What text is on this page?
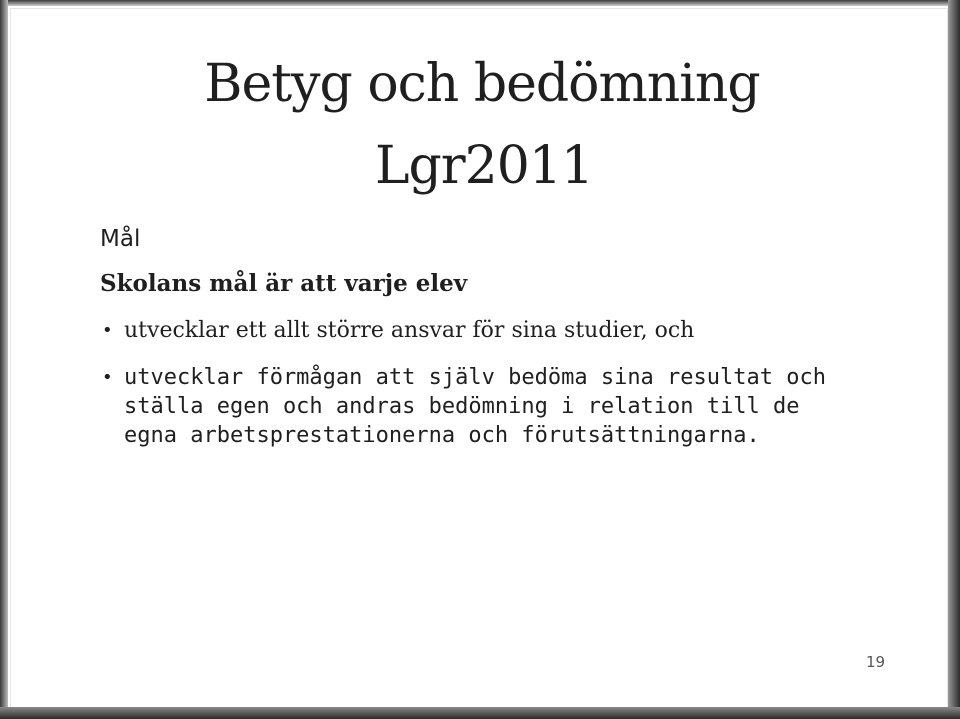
Betyg och bedömning
Lgr2011
Mål
Skolans mål är att varje elev
• utvecklar ett allt större ansvar för sina studier, och
• utvecklar förmågan att själv bedöma sina resultat och ställa egen och andras bedömning i relation till de egna arbetsprestationerna och förutsättningarna.
19
